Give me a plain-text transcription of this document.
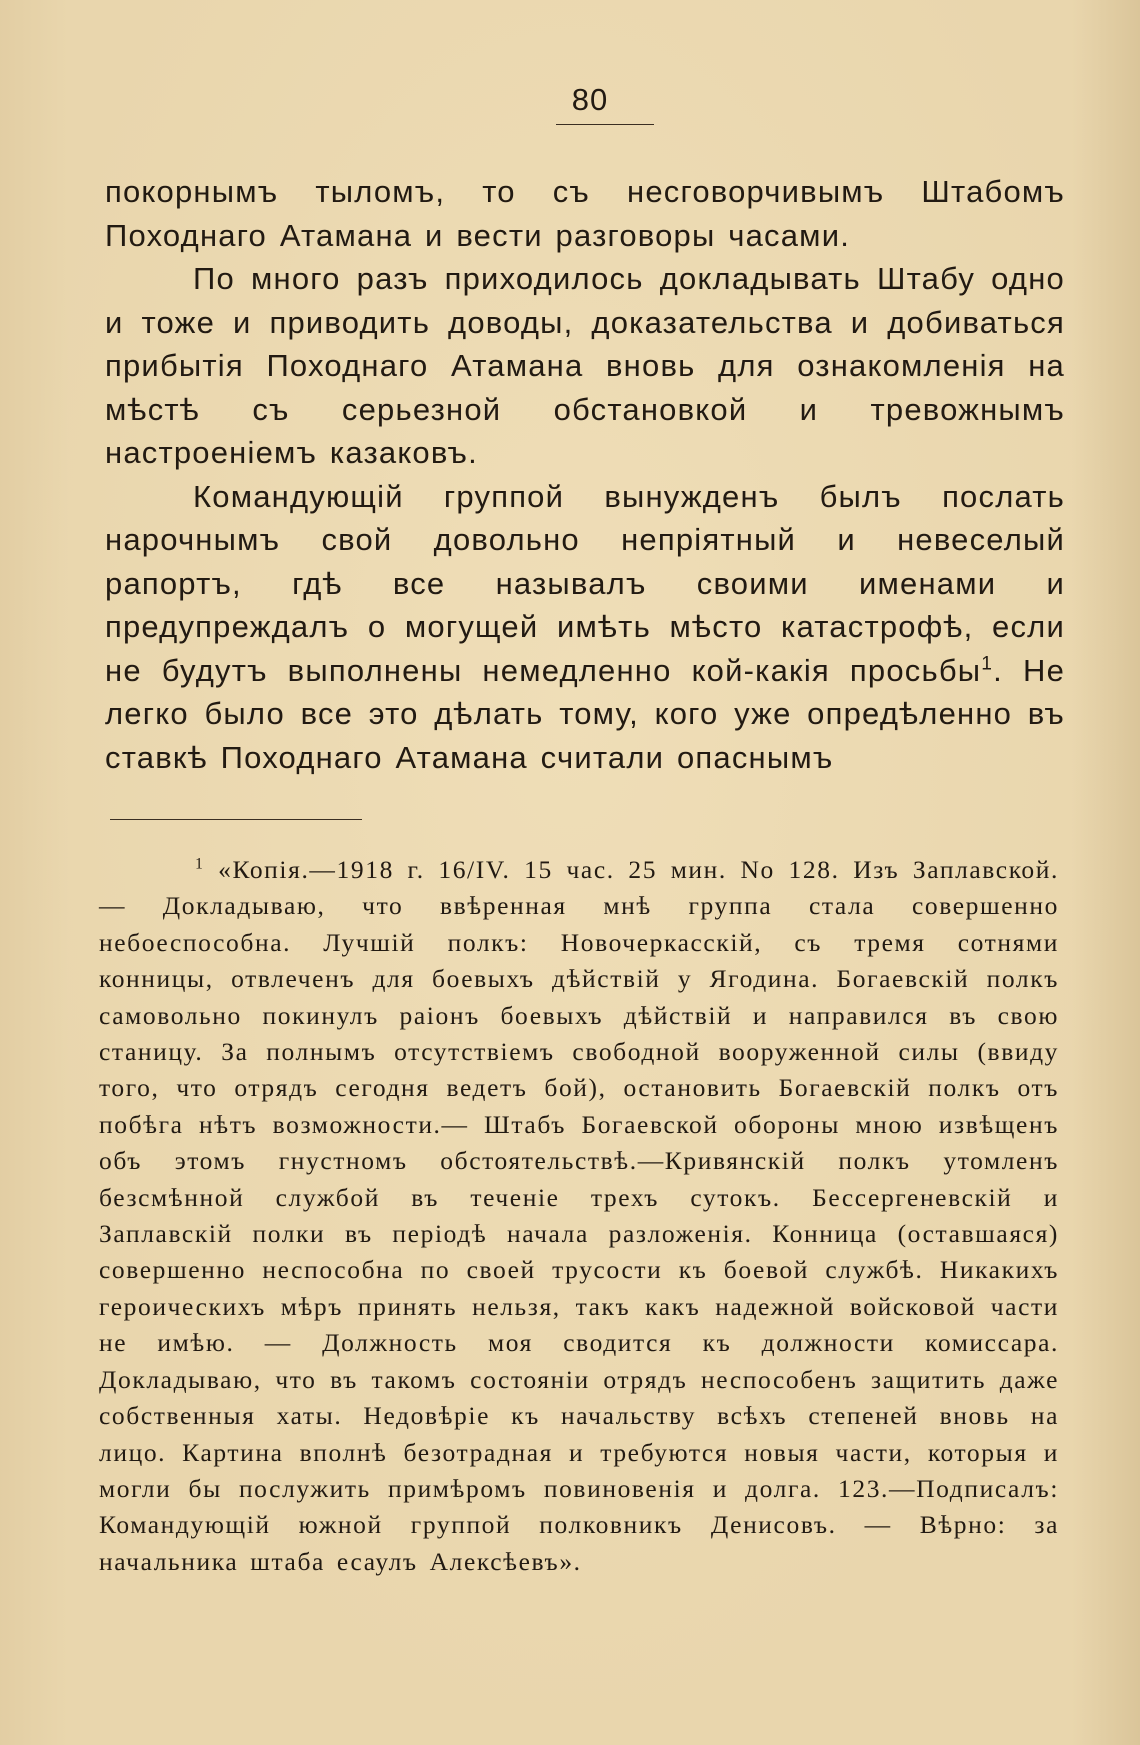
80

покорнымъ тыломъ, то съ несговорчивымъ Штабомъ Походнаго Атамана и вести разговоры часами.

По много разъ приходилось докладывать Штабу одно и тоже и приводить доводы, доказательства и добиваться прибытія Походнаго Атамана вновь для ознакомленія на мѣстѣ съ серьезной обстановкой и тревожнымъ настроеніемъ казаковъ.

Командующій группой вынужденъ былъ послать нарочнымъ свой довольно непріятный и невеселый рапортъ, гдѣ все называлъ своими именами и предупреждалъ о могущей имѣть мѣсто катастрофѣ, если не будутъ выполнены немедленно кой-какія просьбы$^1$. Не легко было все это дѣлать тому, кого уже опредѣленно въ ставкѣ Походнаго Атамана считали опаснымъ

$^1$ «Копія.—1918 г. 16/IV. 15 час. 25 мин. No 128. Изъ Заплавской. — Докладываю, что ввѣренная мнѣ группа стала совершенно небоеспособна. Лучшій полкъ: Новочеркасскій, съ тремя сотнями конницы, отвлеченъ для боевыхъ дѣйствій у Ягодина. Богаевскій полкъ самовольно покинулъ раіонъ боевыхъ дѣйствій и направился въ свою станицу. За полнымъ отсутствіемъ свободной вооруженной силы (ввиду того, что отрядъ сегодня ведетъ бой), остановить Богаевскій полкъ отъ побѣга нѣтъ возможности.— Штабъ Богаевской обороны мною извѣщенъ объ этомъ гнустномъ обстоятельствѣ.—Кривянскій полкъ утомленъ безсмѣнной службой въ теченіе трехъ сутокъ. Бессергеневскій и Заплавскій полки въ періодѣ начала разложенія. Конница (оставшаяся) совершенно неспособна по своей трусости къ боевой службѣ. Никакихъ героическихъ мѣръ принять нельзя, такъ какъ надежной войсковой части не имѣю. — Должность моя сводится къ должности комиссара. Докладываю, что въ такомъ состояніи отрядъ неспособенъ защитить даже собственныя хаты. Недовѣріе къ начальству всѣхъ степеней вновь на лицо. Картина вполнѣ безотрадная и требуются новыя части, которыя и могли бы послужить примѣромъ повиновенія и долга. 123.—Подписалъ: Командующій южной группой полковникъ Денисовъ. — Вѣрно: за начальника штаба есаулъ Алексѣевъ».
